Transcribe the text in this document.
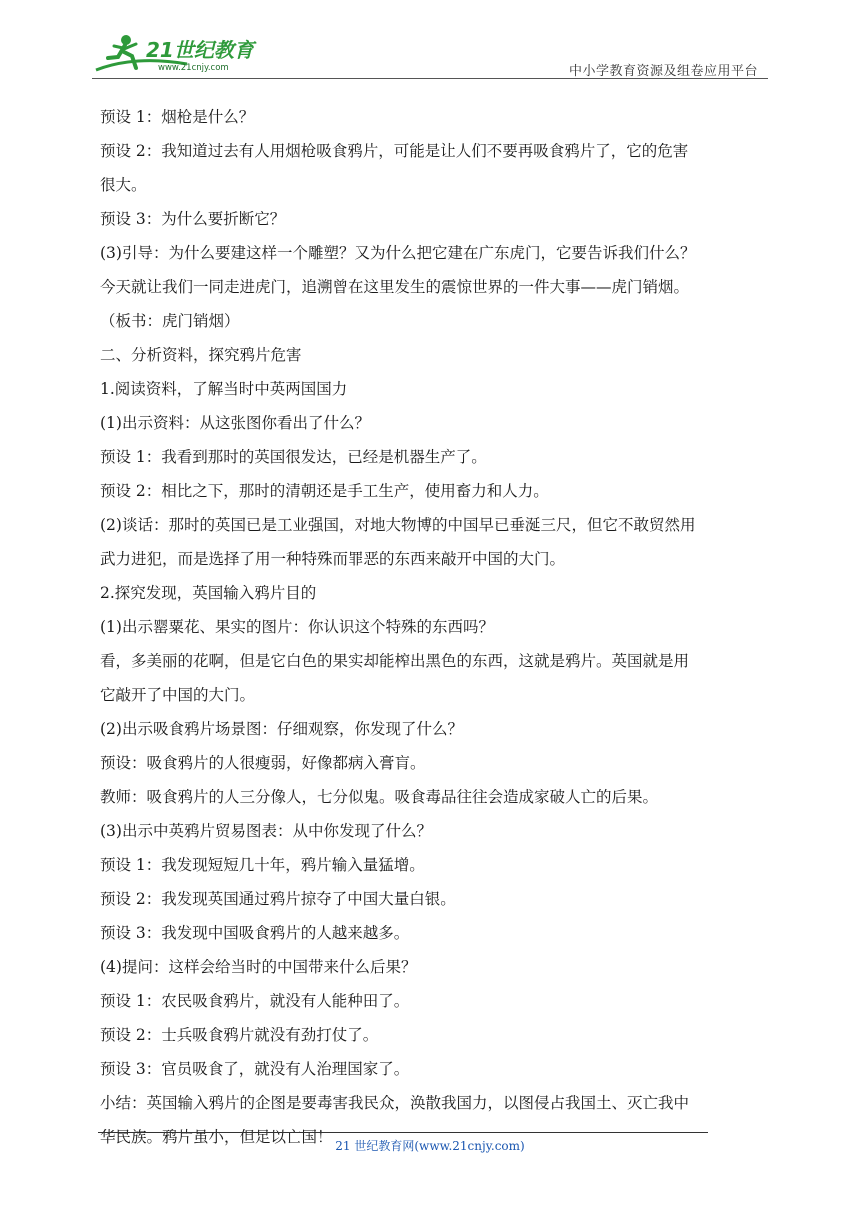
21世纪教育
www.21cnjy.com	中小学教育资源及组卷应用平台

预设 1：烟枪是什么？

预设 2：我知道过去有人用烟枪吸食鸦片，可能是让人们不要再吸食鸦片了，它的危害

很大。

预设 3：为什么要折断它？

(3)引导：为什么要建这样一个雕塑？又为什么把它建在广东虎门，它要告诉我们什么？

今天就让我们一同走进虎门，追溯曾在这里发生的震惊世界的一件大事——虎门销烟。

（板书：虎门销烟）

二、分析资料，探究鸦片危害

1.阅读资料，了解当时中英两国国力

(1)出示资料：从这张图你看出了什么？

预设 1：我看到那时的英国很发达，已经是机器生产了。

预设 2：相比之下，那时的清朝还是手工生产，使用畜力和人力。

(2)谈话：那时的英国已是工业强国，对地大物博的中国早已垂涎三尺，但它不敢贸然用

武力进犯，而是选择了用一种特殊而罪恶的东西来敲开中国的大门。

2.探究发现，英国输入鸦片目的

(1)出示罂粟花、果实的图片：你认识这个特殊的东西吗？

看，多美丽的花啊，但是它白色的果实却能榨出黑色的东西，这就是鸦片。英国就是用

它敲开了中国的大门。

(2)出示吸食鸦片场景图：仔细观察，你发现了什么？

预设：吸食鸦片的人很瘦弱，好像都病入膏肓。

教师：吸食鸦片的人三分像人，七分似鬼。吸食毒品往往会造成家破人亡的后果。

(3)出示中英鸦片贸易图表：从中你发现了什么？

预设 1：我发现短短几十年，鸦片输入量猛增。

预设 2：我发现英国通过鸦片掠夺了中国大量白银。

预设 3：我发现中国吸食鸦片的人越来越多。

(4)提问：这样会给当时的中国带来什么后果？

预设 1：农民吸食鸦片，就没有人能种田了。

预设 2：士兵吸食鸦片就没有劲打仗了。

预设 3：官员吸食了，就没有人治理国家了。

小结：英国输入鸦片的企图是要毒害我民众，涣散我国力，以图侵占我国土、灭亡我中

华民族。鸦片虽小，但足以亡国！ 21 世纪教育网(www.21cnjy.com)
